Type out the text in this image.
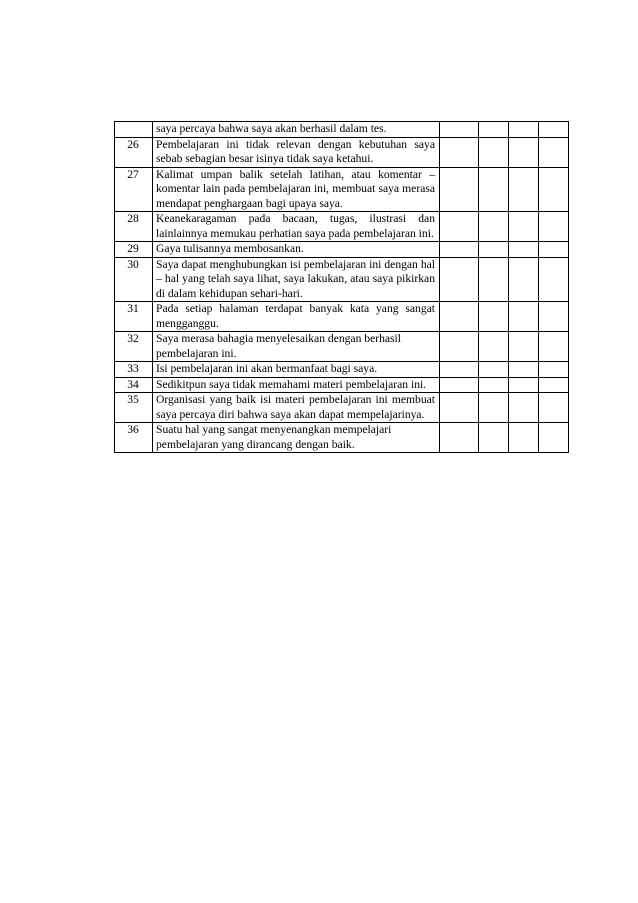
	saya percaya bahwa saya akan berhasil dalam tes.				
26	Pembelajaran ini tidak relevan dengan kebutuhan saya sebab sebagian besar isinya tidak saya ketahui.				
27	Kalimat umpan balik setelah latihan, atau komentar – komentar lain pada pembelajaran ini, membuat saya merasa mendapat penghargaan bagi upaya saya.				
28	Keanekaragaman pada bacaan, tugas, ilustrasi dan lainlainnya memukau perhatian saya pada pembelajaran ini.				
29	Gaya tulisannya membosankan.				
30	Saya dapat menghubungkan isi pembelajaran ini dengan hal – hal yang telah saya lihat, saya lakukan, atau saya pikirkan di dalam kehidupan sehari-hari.				
31	Pada setiap halaman terdapat banyak kata yang sangat mengganggu.				
32	Saya merasa bahagia menyelesaikan dengan berhasil pembelajaran ini.				
33	Isi pembelajaran ini akan bermanfaat bagi saya.				
34	Sedikitpun saya tidak memahami materi pembelajaran ini.				
35	Organisasi yang baik isi materi pembelajaran ini membuat saya percaya diri bahwa saya akan dapat mempelajarinya.				
36	Suatu hal yang sangat menyenangkan mempelajari pembelajaran yang dirancang dengan baik.				
